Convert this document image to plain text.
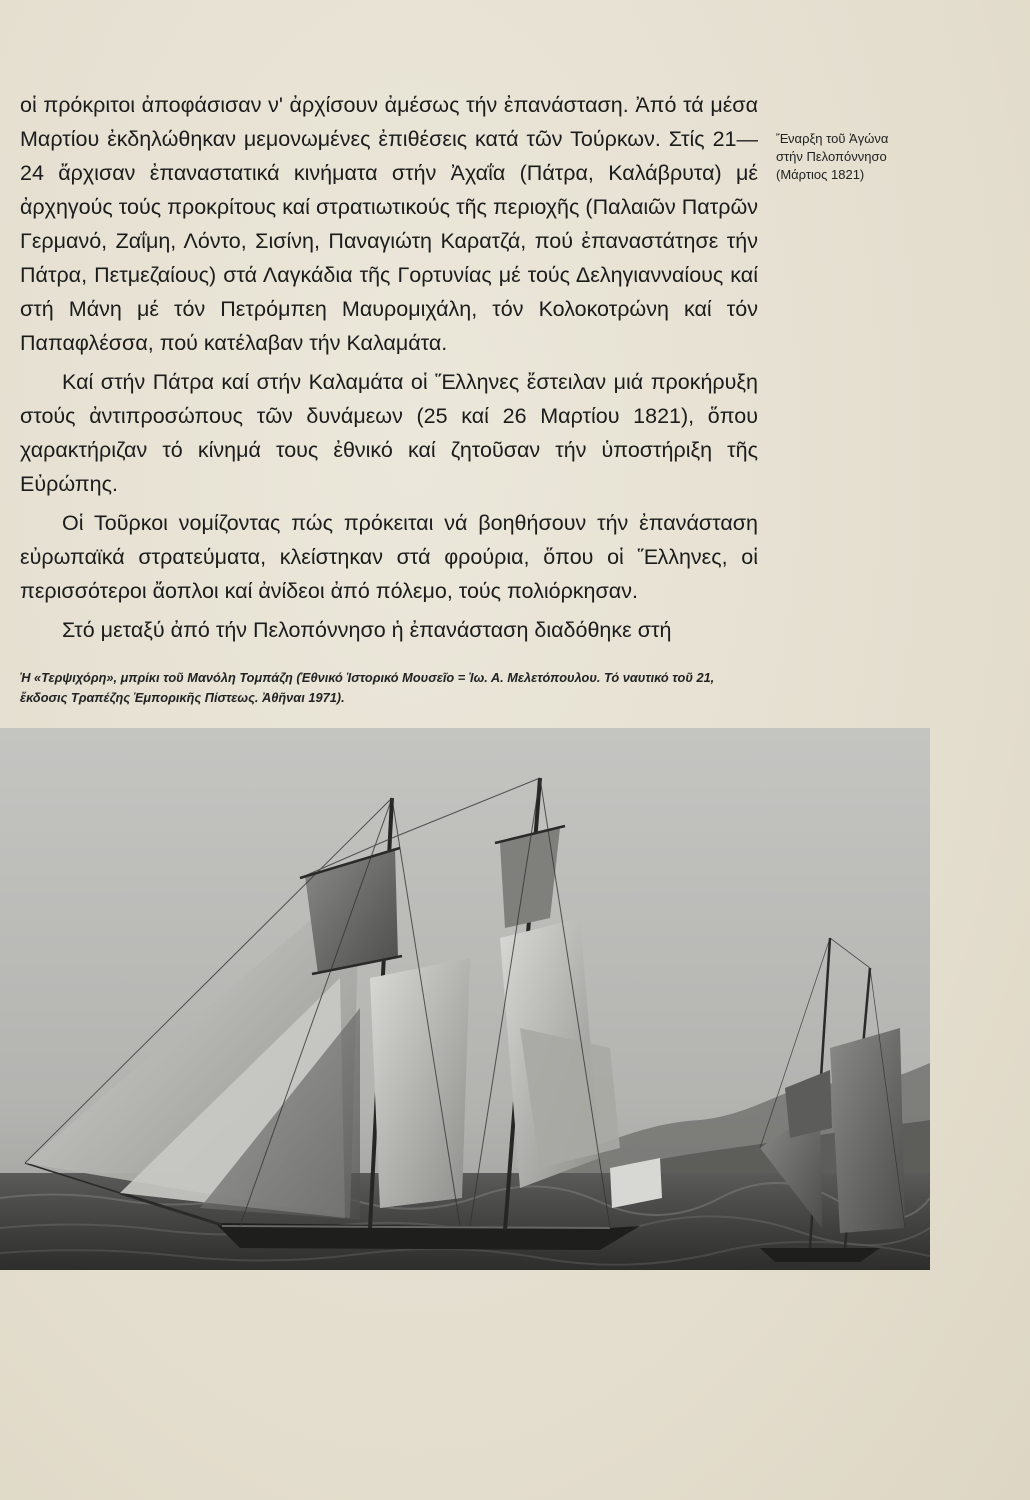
οἱ πρόκριτοι ἀποφάσισαν ν' ἀρχίσουν ἀμέσως τήν ἐπανάσταση. Ἀπό τά μέσα Μαρτίου ἐκδηλώθηκαν μεμονωμένες ἐπιθέσεις κατά τῶν Τούρκων. Στίς 21—24 ἄρχισαν ἐπαναστατικά κινήματα στήν Ἀχαΐα (Πάτρα, Καλάβρυτα) μέ ἀρχηγούς τούς προκρίτους καί στρατιωτικούς τῆς περιοχῆς (Παλαιῶν Πατρῶν Γερμανό, Ζαΐμη, Λόντο, Σισίνη, Παναγιώτη Καρατζά, πού ἐπαναστάτησε τήν Πάτρα, Πετμεζαίους) στά Λαγκάδια τῆς Γορτυνίας μέ τούς Δεληγιανναίους καί στή Μάνη μέ τόν Πετρόμπεη Μαυρομιχάλη, τόν Κολοκοτρώνη καί τόν Παπαφλέσσα, πού κατέλαβαν τήν Καλαμάτα.

Καί στήν Πάτρα καί στήν Καλαμάτα οἱ Ἕλληνες ἔστειλαν μιά προκήρυξη στούς ἀντιπροσώπους τῶν δυνάμεων (25 καί 26 Μαρτίου 1821), ὅπου χαρακτήριζαν τό κίνημά τους ἐθνικό καί ζητοῦσαν τήν ὑποστήριξη τῆς Εὐρώπης.

Οἱ Τοῦρκοι νομίζοντας πώς πρόκειται νά βοηθήσουν τήν ἐπανάσταση εὐρωπαϊκά στρατεύματα, κλείστηκαν στά φρούρια, ὅπου οἱ Ἕλληνες, οἱ περισσότεροι ἄοπλοι καί ἀνίδεοι ἀπό πόλεμο, τούς πολιόρκησαν.

Στό μεταξύ ἀπό τήν Πελοπόννησο ἡ ἐπανάσταση διαδόθηκε στή

Ἔναρξη τοῦ Ἀγώνα
στήν Πελοπόννησο
(Μάρτιος 1821)

Ἡ «Τερψιχόρη», μπρίκι τοῦ Μανόλη Τομπάζη (Ἐθνικό Ἱστορικό Μουσεῖο = Ἰω. Α. Μελετόπουλου. Τό ναυτικό τοῦ 21, ἔκδοσις Τραπέζης Ἐμπορικῆς Πίστεως. Ἀθῆναι 1971).
